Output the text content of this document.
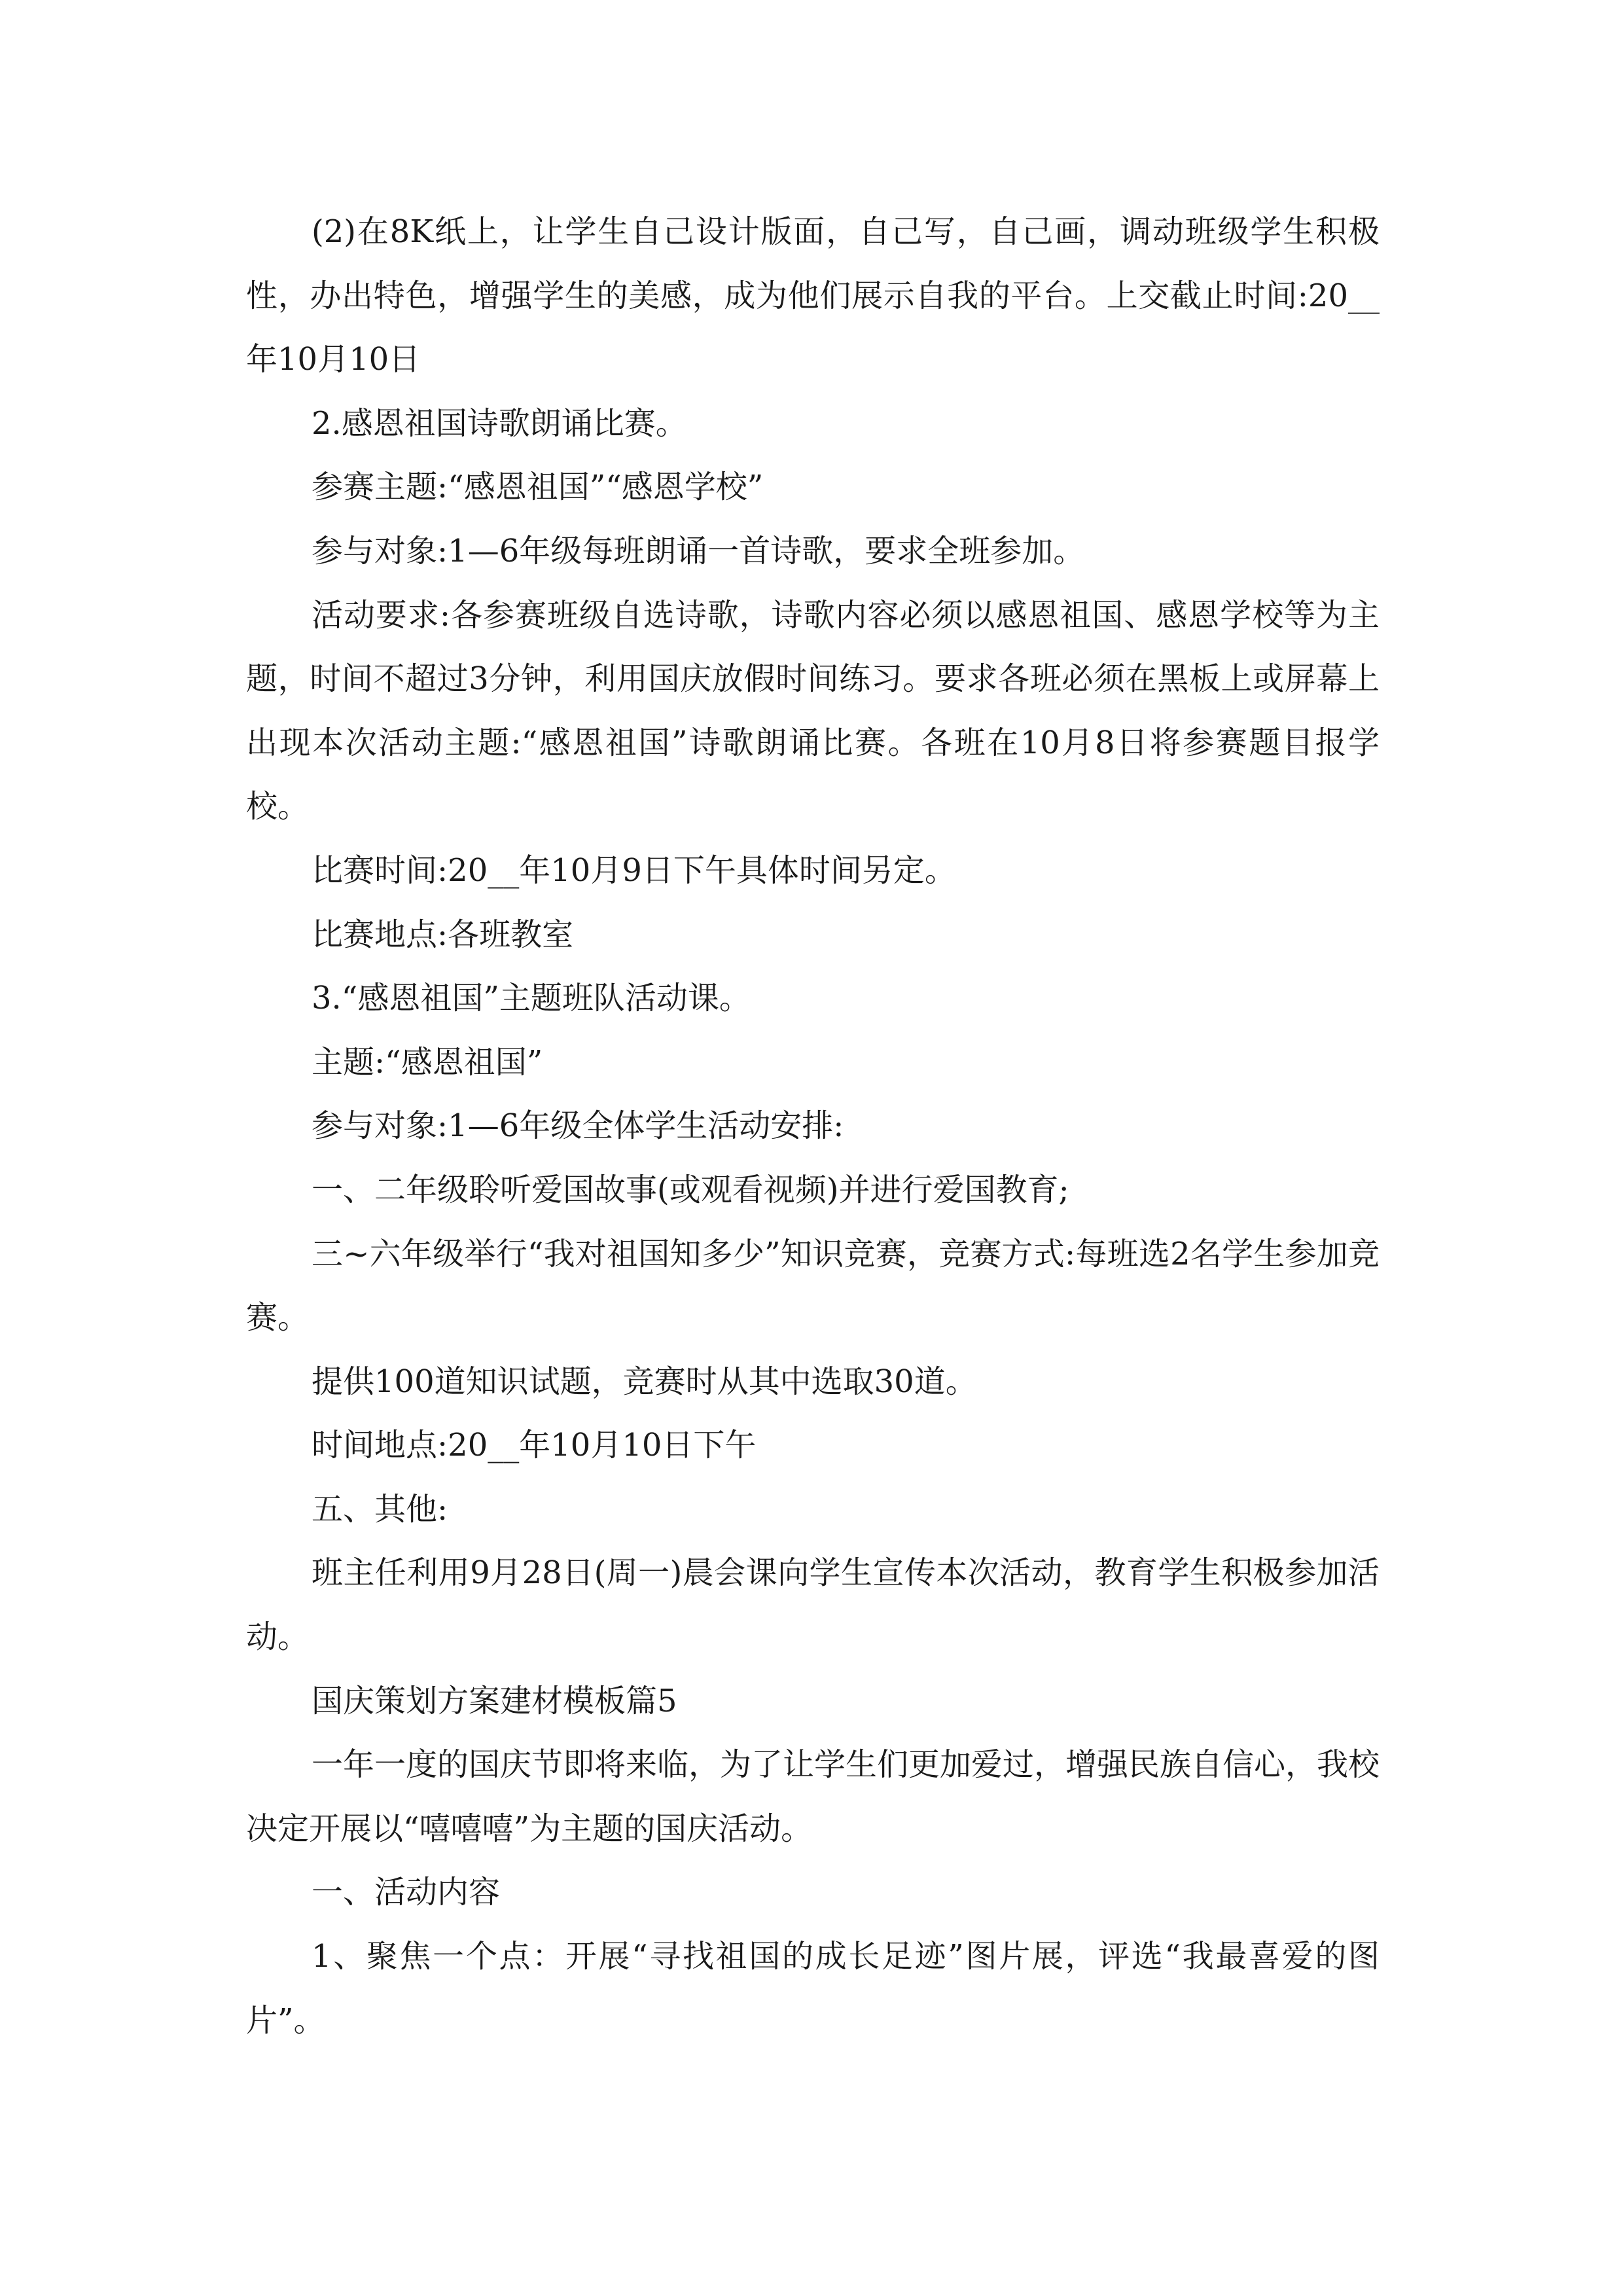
(2)在8K纸上，让学生自己设计版面，自己写，自己画，调动班级学生积极性，办出特色，增强学生的美感，成为他们展示自我的平台。上交截止时间:20__年10月10日

2.感恩祖国诗歌朗诵比赛。

参赛主题:“感恩祖国”“感恩学校”

参与对象:1—6年级每班朗诵一首诗歌，要求全班参加。

活动要求:各参赛班级自选诗歌，诗歌内容必须以感恩祖国、感恩学校等为主题，时间不超过3分钟，利用国庆放假时间练习。要求各班必须在黑板上或屏幕上出现本次活动主题:“感恩祖国”诗歌朗诵比赛。各班在10月8日将参赛题目报学校。

比赛时间:20__年10月9日下午具体时间另定。

比赛地点:各班教室

3.“感恩祖国”主题班队活动课。

主题:“感恩祖国”

参与对象:1—6年级全体学生活动安排:

一、二年级聆听爱国故事(或观看视频)并进行爱国教育;

三~六年级举行“我对祖国知多少”知识竞赛，竞赛方式:每班选2名学生参加竞赛。

提供100道知识试题，竞赛时从其中选取30道。

时间地点:20__年10月10日下午

五、其他:

班主任利用9月28日(周一)晨会课向学生宣传本次活动，教育学生积极参加活动。

国庆策划方案建材模板篇5

一年一度的国庆节即将来临，为了让学生们更加爱过，增强民族自信心，我校决定开展以“嘻嘻嘻”为主题的国庆活动。

一、活动内容

1、聚焦一个点：开展“寻找祖国的成长足迹”图片展，评选“我最喜爱的图片”。
